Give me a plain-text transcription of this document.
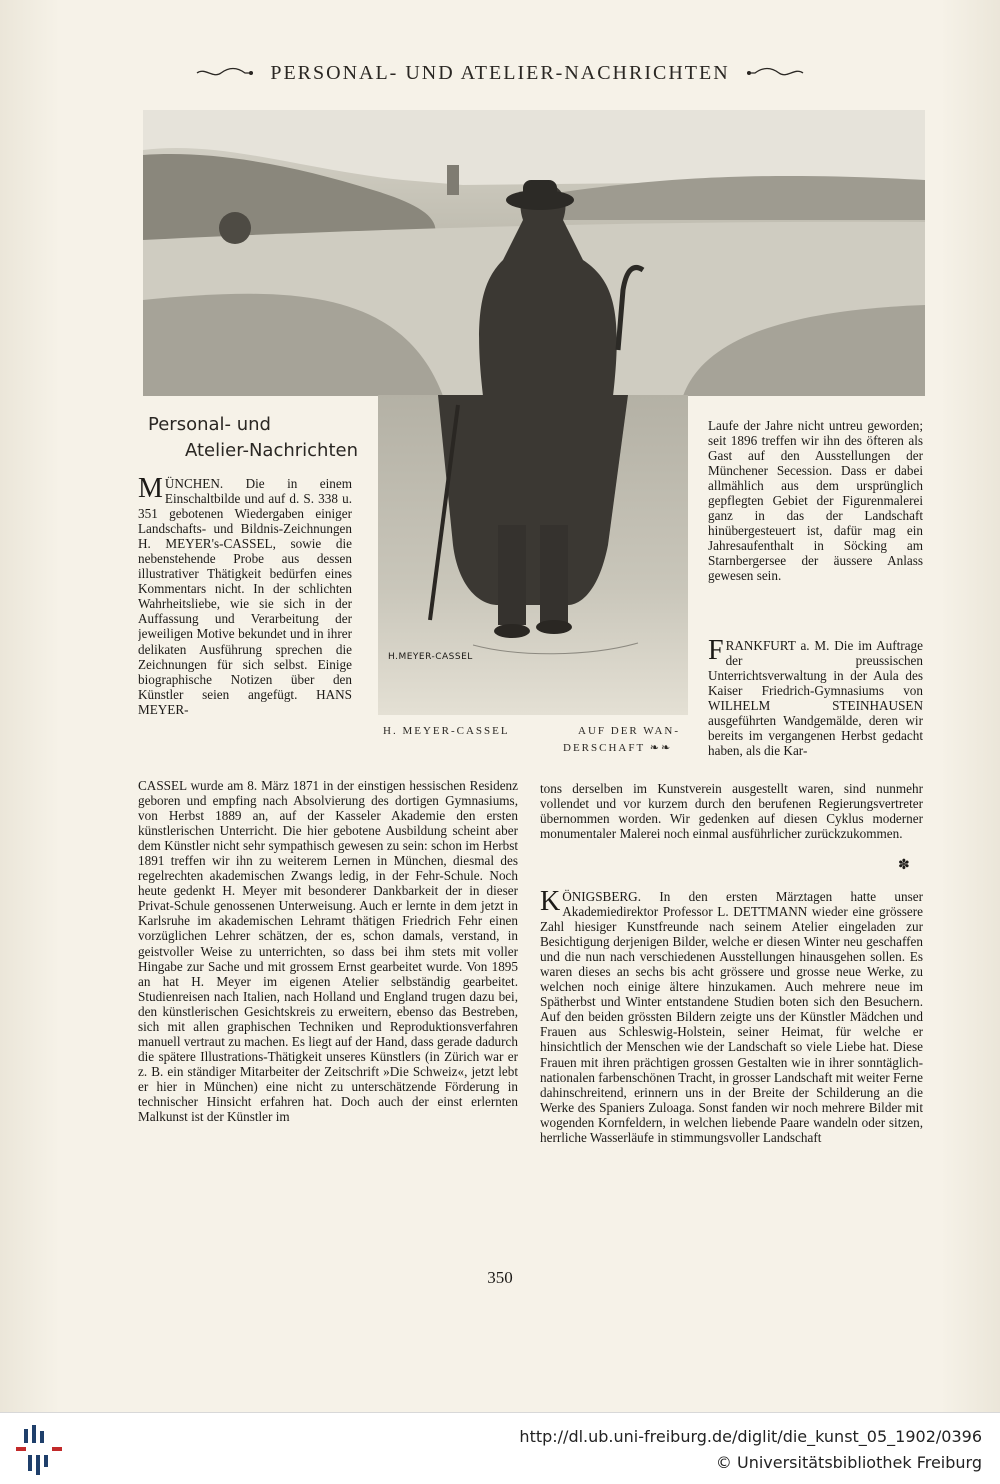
PERSONAL- UND ATELIER-NACHRICHTEN
H.MEYER-CASSEL
H. MEYER-CASSEL	AUF DER WAN-
DERSCHAFT ❧❧
Personal- und
Atelier-Nachrichten

MÜNCHEN. Die in einem Einschaltbilde und auf d. S. 338 u. 351 gebotenen Wiedergaben einiger Landschafts- und Bildnis-Zeichnungen H. MEYER's-CASSEL, sowie die nebenstehende Probe aus dessen illustrativer Thätigkeit bedürfen eines Kommentars nicht. In der schlichten Wahrheitsliebe, wie sie sich in der Auffassung und Verarbeitung der jeweiligen Motive bekundet und in ihrer delikaten Ausführung sprechen die Zeichnungen für sich selbst. Einige biographische Notizen über den Künstler seien angefügt. HANS MEYER-

CASSEL wurde am 8. März 1871 in der einstigen hessischen Residenz geboren und empfing nach Absolvierung des dortigen Gymnasiums, von Herbst 1889 an, auf der Kasseler Akademie den ersten künstlerischen Unterricht. Die hier gebotene Ausbildung scheint aber dem Künstler nicht sehr sympathisch gewesen zu sein: schon im Herbst 1891 treffen wir ihn zu weiterem Lernen in München, diesmal des regelrechten akademischen Zwangs ledig, in der Fehr-Schule. Noch heute gedenkt H. Meyer mit besonderer Dankbarkeit der in dieser Privat-Schule genossenen Unterweisung. Auch er lernte in dem jetzt in Karlsruhe im akademischen Lehramt thätigen Friedrich Fehr einen vorzüglichen Lehrer schätzen, der es, schon damals, verstand, in geistvoller Weise zu unterrichten, so dass bei ihm stets mit voller Hingabe zur Sache und mit grossem Ernst gearbeitet wurde. Von 1895 an hat H. Meyer im eigenen Atelier selbständig gearbeitet. Studienreisen nach Italien, nach Holland und England trugen dazu bei, den künstlerischen Gesichtskreis zu erweitern, ebenso das Bestreben, sich mit allen graphischen Techniken und Reproduktionsverfahren manuell vertraut zu machen. Es liegt auf der Hand, dass gerade dadurch die spätere Illustrations-Thätigkeit unseres Künstlers (in Zürich war er z. B. ein ständiger Mitarbeiter der Zeitschrift »Die Schweiz«, jetzt lebt er hier in München) eine nicht zu unterschätzende Förderung in technischer Hinsicht erfahren hat. Doch auch der einst erlernten Malkunst ist der Künstler im

Laufe der Jahre nicht untreu geworden; seit 1896 treffen wir ihn des öfteren als Gast auf den Ausstellungen der Münchener Secession. Dass er dabei allmählich aus dem ursprünglich gepflegten Gebiet der Figurenmalerei ganz in das der Landschaft hinübergesteuert ist, dafür mag ein Jahresaufenthalt in Söcking am Starnbergersee der äussere Anlass gewesen sein.

FRANKFURT a. M. Die im Auftrage der preussischen Unterrichtsverwaltung in der Aula des Kaiser Friedrich-Gymnasiums von WILHELM STEINHAUSEN ausgeführten Wandgemälde, deren wir bereits im vergangenen Herbst gedacht haben, als die Kar-

tons derselben im Kunstverein ausgestellt waren, sind nunmehr vollendet und vor kurzem durch den berufenen Regierungsvertreter übernommen worden. Wir gedenken auf diesen Cyklus moderner monumentaler Malerei noch einmal ausführlicher zurückzukommen.

✽

KÖNIGSBERG. In den ersten Märztagen hatte unser Akademiedirektor Professor L. DETTMANN wieder eine grössere Zahl hiesiger Kunstfreunde nach seinem Atelier eingeladen zur Besichtigung derjenigen Bilder, welche er diesen Winter neu geschaffen und die nun nach verschiedenen Ausstellungen hinausgehen sollen. Es waren dieses an sechs bis acht grössere und grosse neue Werke, zu welchen noch einige ältere hinzukamen. Auch mehrere neue im Spätherbst und Winter entstandene Studien boten sich den Besuchern. Auf den beiden grössten Bildern zeigte uns der Künstler Mädchen und Frauen aus Schleswig-Holstein, seiner Heimat, für welche er hinsichtlich der Menschen wie der Landschaft so viele Liebe hat. Diese Frauen mit ihren prächtigen grossen Gestalten wie in ihrer sonntäglich-nationalen farbenschönen Tracht, in grosser Landschaft mit weiter Ferne dahinschreitend, erinnern uns in der Breite der Schilderung an die Werke des Spaniers Zuloaga. Sonst fanden wir noch mehrere Bilder mit wogenden Kornfeldern, in welchen liebende Paare wandeln oder sitzen, herrliche Wasserläufe in stimmungsvoller Landschaft

350
http://dl.ub.uni-freiburg.de/diglit/die_kunst_05_1902/0396
© Universitätsbibliothek Freiburg
